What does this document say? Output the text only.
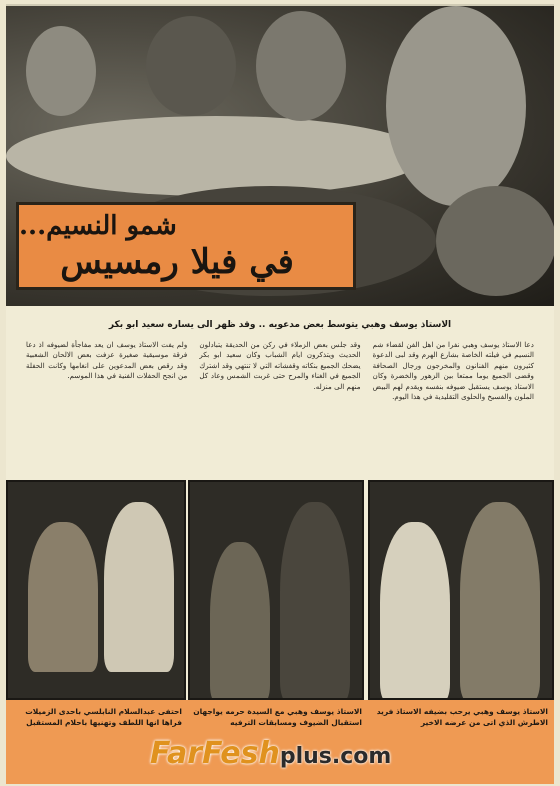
شمو النسيم...
في فيلا رمسيس
الاستاذ يوسف وهبي يتوسط بعض مدعويه .. وقد ظهر الى يساره سعيد ابو بكر
دعا الاستاذ يوسف وهبي نفرا من اهل الفن لقضاء شم النسيم في فيلته الخاصة بشارع الهرم وقد لبى الدعوة كثيرون منهم الفنانون والمخرجون ورجال الصحافة وقضى الجميع يوما ممتعا بين الزهور والخضرة وكان الاستاذ يوسف يستقبل ضيوفه بنفسه ويقدم لهم البيض الملون والفسيخ والحلوى التقليدية في هذا اليوم.
وقد جلس بعض الزملاء في ركن من الحديقة يتبادلون الحديث ويتذكرون ايام الشباب وكان سعيد ابو بكر يضحك الجميع بنكاته وقفشاته التي لا تنتهي وقد اشترك الجميع في الغناء والمرح حتى غربت الشمس وعاد كل منهم الى منزله.
ولم يفت الاستاذ يوسف ان يعد مفاجأة لضيوفه اذ دعا فرقة موسيقية صغيرة عزفت بعض الالحان الشعبية وقد رقص بعض المدعوين على انغامها وكانت الحفلة من انجح الحفلات الفنية في هذا الموسم.
احتفى عبدالسلام النابلسي باحدى الزميلات فراها انها اللطف وتهنيها باحلام المستقبل
الاستاذ يوسف وهبي مع السيدة حرمه يواجهان استقبال الضيوف ومسابقات الترفيه
الاستاذ يوسف وهبي يرحب بضيفه الاستاذ فريد الاطرش الذي اتى من عرضه الاخير
FarFesh plus.com
